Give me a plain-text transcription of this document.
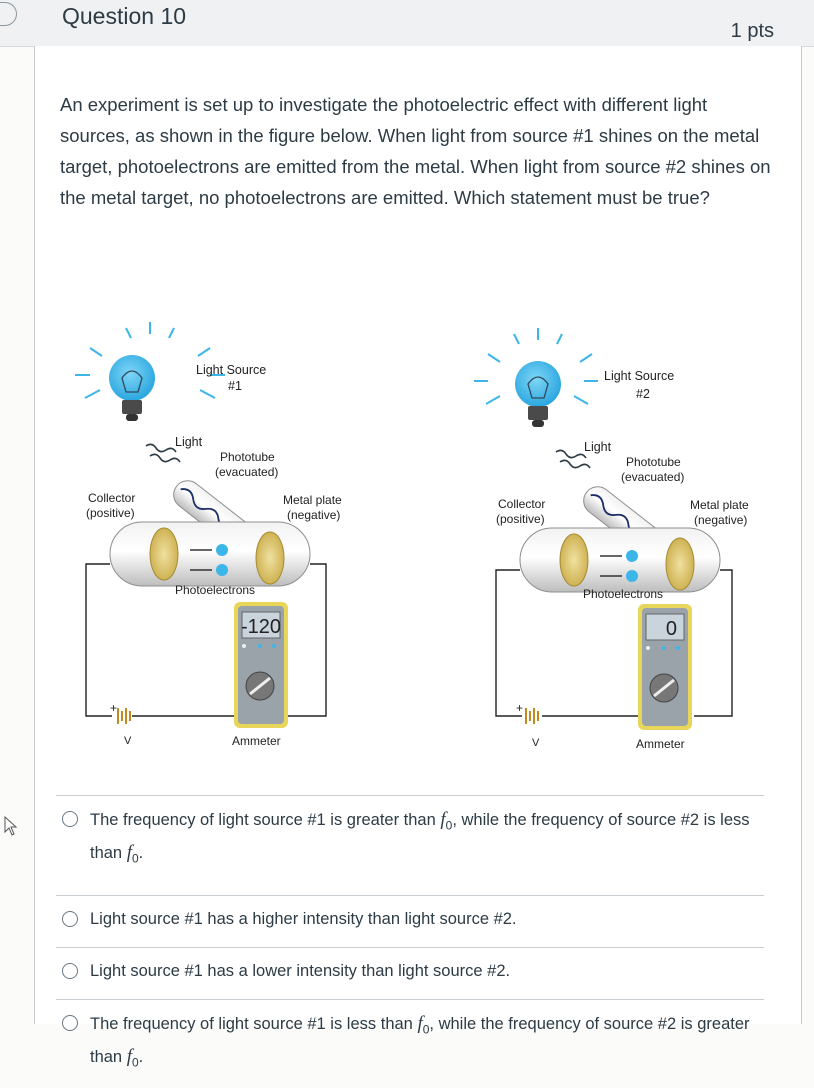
Question 10
1 pts

An experiment is set up to investigate the photoelectric effect with different light sources, as shown in the figure below. When light from source #1 shines on the metal target, photoelectrons are emitted from the metal. When light from source #2 shines on the metal target, no photoelectrons are emitted. Which statement must be true?

Light Source
#1
Light
Phototube
(evacuated)
Collector
(positive)
Metal plate
(negative)
Photoelectrons
+
V
-120
Ammeter
Light Source
#2
Light
Phototube
(evacuated)
Collector
(positive)
Metal plate
(negative)
Photoelectrons
+
V
0
Ammeter
The frequency of light source #1 is greater than $f_0$, while the frequency of source #2 is less than $f_0$.
Light source #1 has a higher intensity than light source #2.
Light source #1 has a lower intensity than light source #2.
The frequency of light source #1 is less than $f_0$, while the frequency of source #2 is greater than $f_0$.
